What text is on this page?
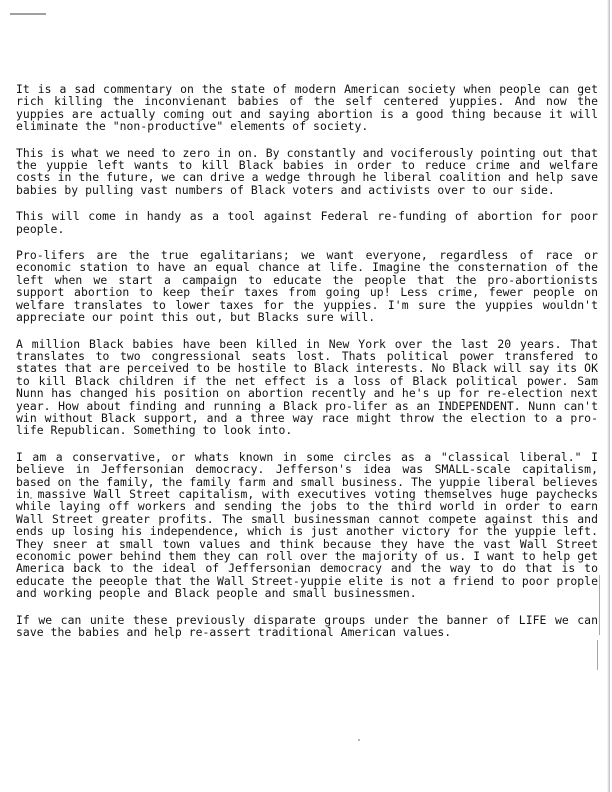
It is a sad commentary on the state of modern American society when people can get rich killing the inconvienant babies of the self centered yuppies. And now the yuppies are actually coming out and saying abortion is a good thing because it will eliminate the "non-productive" elements of society.

This is what we need to zero in on. By constantly and vociferously pointing out that the yuppie left wants to kill Black babies in order to reduce crime and welfare costs in the future, we can drive a wedge through he liberal coalition and help save babies by pulling vast numbers of Black voters and activists over to our side.

This will come in handy as a tool against Federal re-funding of abortion for poor people.

Pro-lifers are the true egalitarians; we want everyone, regardless of race or economic station to have an equal chance at life. Imagine the consternation of the left when we start a campaign to educate the people that the pro-abortionists support abortion to keep their taxes from going up! Less crime, fewer people on welfare translates to lower taxes for the yuppies. I'm sure the yuppies wouldn't appreciate our point this out, but Blacks sure will.

A million Black babies have been killed in New York over the last 20 years. That translates to two congressional seats lost. Thats political power transfered to states that are perceived to be hostile to Black interests. No Black will say its OK to kill Black children if the net effect is a loss of Black political power. Sam Nunn has changed his position on abortion recently and he's up for re-election next year. How about finding and running a Black pro-lifer as an INDEPENDENT. Nunn can't win without Black support, and a three way race might throw the election to a pro-life Republican. Something to look into.

I am a conservative, or whats known in some circles as a "classical liberal." I believe in Jeffersonian democracy. Jefferson's idea was SMALL-scale capitalism, based on the family, the family farm and small business. The yuppie liberal believes in massive Wall Street capitalism, with executives voting themselves huge paychecks while laying off workers and sending the jobs to the third world in order to earn Wall Street greater profits. The small businessman cannot compete against this and ends up losing his independence, which is just another victory for the yuppie left. They sneer at small town values and think because they have the vast Wall Street economic power behind them they can roll over the majority of us. I want to help get America back to the ideal of Jeffersonian democracy and the way to do that is to educate the peeople that the Wall Street-yuppie elite is not a friend to poor prople and working people and Black people and small businessmen.

If we can unite these previously disparate groups under the banner of LIFE we can save the babies and help re-assert traditional American values.
